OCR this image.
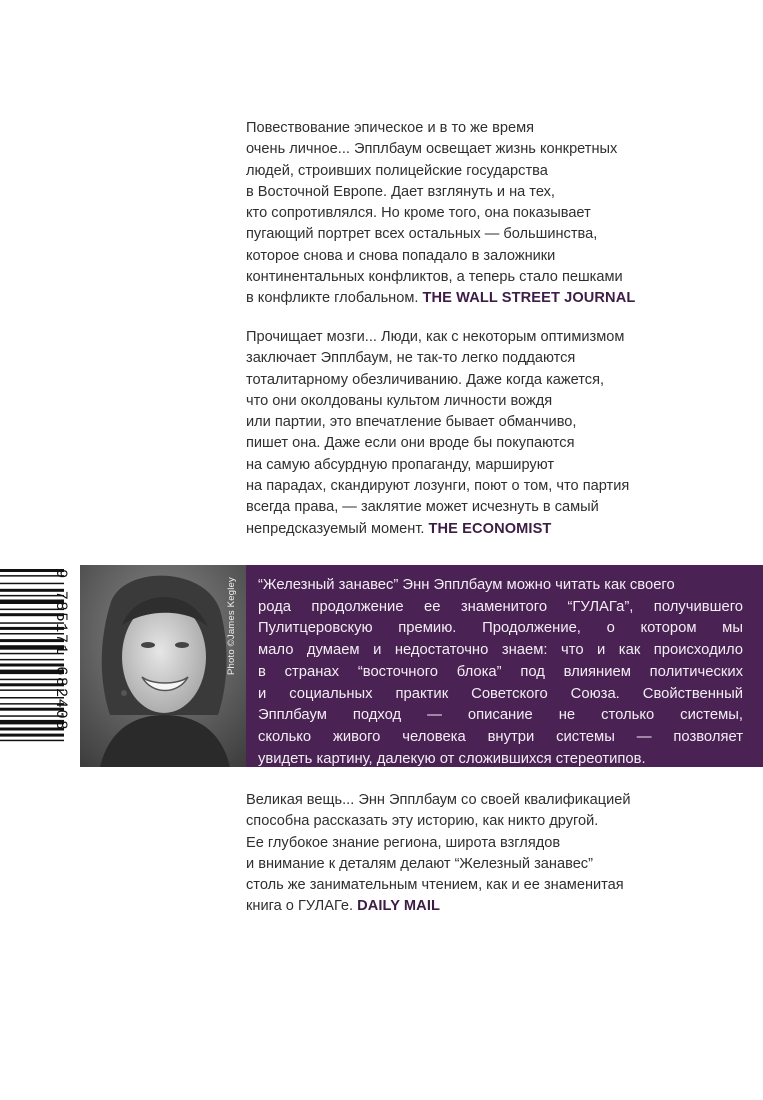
Повествование эпическое и в то же время
очень личное... Эпплбаум освещает жизнь конкретных
людей, строивших полицейские государства
в Восточной Европе. Дает взглянуть и на тех,
кто сопротивлялся. Но кроме того, она показывает
пугающий портрет всех остальных — большинства,
которое снова и снова попадало в заложники
континентальных конфликтов, а теперь стало пешками
в конфликте глобальном. THE WALL STREET JOURNAL
Прочищает мозги... Люди, как с некоторым оптимизмом
заключает Эпплбаум, не так-то легко поддаются
тоталитарному обезличиванию. Даже когда кажется,
что они околдованы культом личности вождя
или партии, это впечатление бывает обманчиво,
пишет она. Даже если они вроде бы покупаются
на самую абсурдную пропаганду, маршируют
на парадах, скандируют лозунги, поют о том, что партия
всегда права, — заклятие может исчезнуть в самый
непредсказуемый момент. THE ECONOMIST
9 785171 682408	Photo ©James Kegley “Железный занавес” Энн Эпплбаум можно читать как своего
рода продолжение ее знаменитого “ГУЛАГа”, получившего
Пулитцеровскую премию. Продолжение, о котором мы
мало думаем и недостаточно знаем: что и как происходило
в странах “восточного блока” под влиянием политических
и социальных практик Советского Союза. Свойственный
Эпплбаум подход — описание не столько системы,
сколько живого человека внутри системы — позволяет
увидеть картину, далекую от сложившихся стереотипов.
Великая вещь... Энн Эпплбаум со своей квалификацией
способна рассказать эту историю, как никто другой.
Ее глубокое знание региона, широта взглядов
и внимание к деталям делают “Железный занавес”
столь же занимательным чтением, как и ее знаменитая
книга о ГУЛАГе. DAILY MAIL
